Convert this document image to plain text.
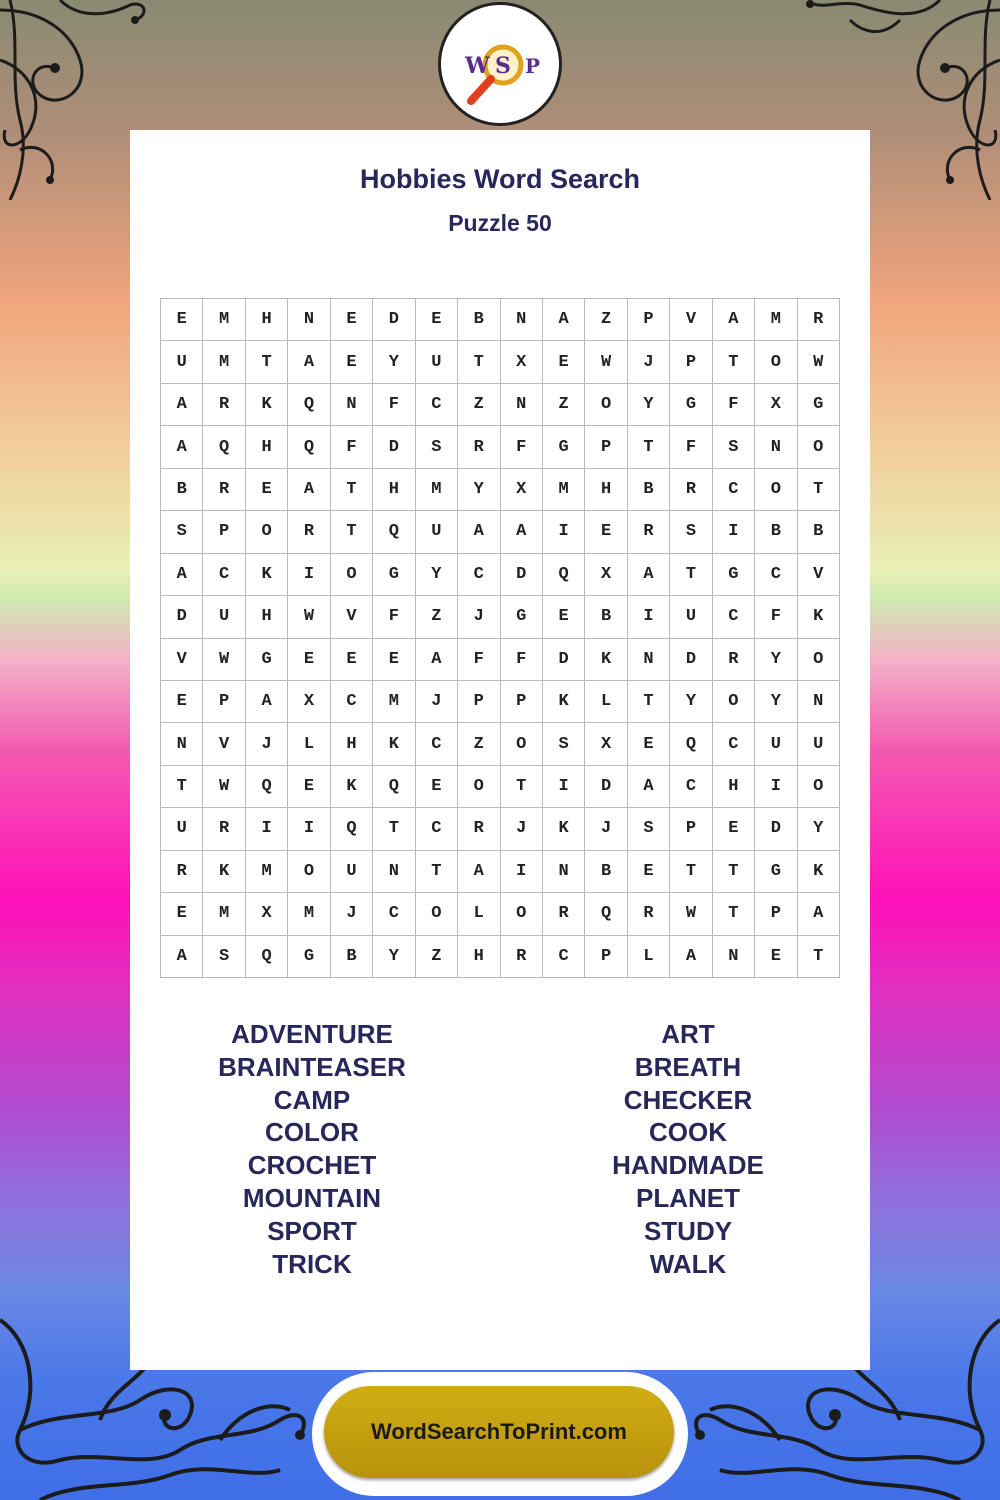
W S P
Hobbies Word Search
Puzzle 50
E	M	H	N	E	D	E	B	N	A	Z	P	V	A	M	R
U	M	T	A	E	Y	U	T	X	E	W	J	P	T	O	W
A	R	K	Q	N	F	C	Z	N	Z	O	Y	G	F	X	G
A	Q	H	Q	F	D	S	R	F	G	P	T	F	S	N	O
B	R	E	A	T	H	M	Y	X	M	H	B	R	C	O	T
S	P	O	R	T	Q	U	A	A	I	E	R	S	I	B	B
A	C	K	I	O	G	Y	C	D	Q	X	A	T	G	C	V
D	U	H	W	V	F	Z	J	G	E	B	I	U	C	F	K
V	W	G	E	E	E	A	F	F	D	K	N	D	R	Y	O
E	P	A	X	C	M	J	P	P	K	L	T	Y	O	Y	N
N	V	J	L	H	K	C	Z	O	S	X	E	Q	C	U	U
T	W	Q	E	K	Q	E	O	T	I	D	A	C	H	I	O
U	R	I	I	Q	T	C	R	J	K	J	S	P	E	D	Y
R	K	M	O	U	N	T	A	I	N	B	E	T	T	G	K
E	M	X	M	J	C	O	L	O	R	Q	R	W	T	P	A
A	S	Q	G	B	Y	Z	H	R	C	P	L	A	N	E	T
ADVENTURE
BRAINTEASER
CAMP
COLOR
CROCHET
MOUNTAIN
SPORT
TRICK
ART
BREATH
CHECKER
COOK
HANDMADE
PLANET
STUDY
WALK
WordSearchToPrint.com
